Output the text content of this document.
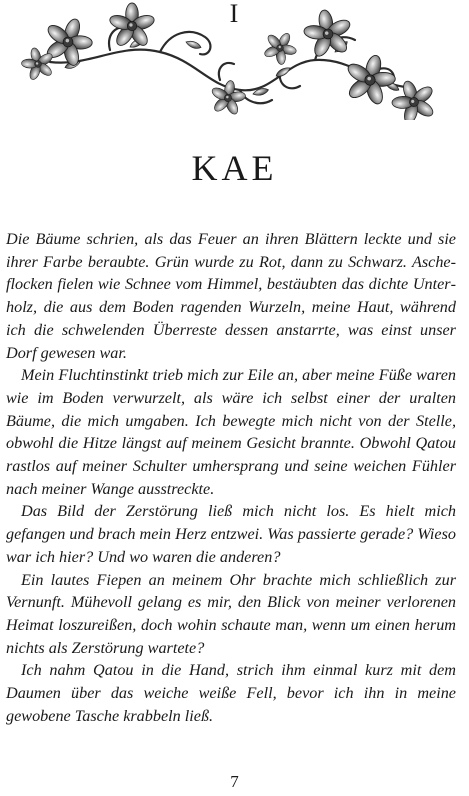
I
KAE

Die Bäume schrien, als das Feuer an ihren Blättern leckte und sie ihrer Farbe beraubte. Grün wurde zu Rot, dann zu Schwarz. Ascheflocken fielen wie Schnee vom Himmel, bestäubten das dichte Unterholz, die aus dem Boden ragenden Wurzeln, meine Haut, während ich die schwelenden Überreste dessen anstarrte, was einst unser Dorf gewesen war.

Mein Fluchtinstinkt trieb mich zur Eile an, aber meine Füße waren wie im Boden verwurzelt, als wäre ich selbst einer der uralten Bäume, die mich umgaben. Ich bewegte mich nicht von der Stelle, obwohl die Hitze längst auf meinem Gesicht brannte. Obwohl Qatou rastlos auf meiner Schulter umhersprang und seine weichen Fühler nach meiner Wange ausstreckte.

Das Bild der Zerstörung ließ mich nicht los. Es hielt mich gefangen und brach mein Herz entzwei. Was passierte gerade? Wieso war ich hier? Und wo waren die anderen?

Ein lautes Fiepen an meinem Ohr brachte mich schließlich zur Vernunft. Mühevoll gelang es mir, den Blick von meiner verlorenen Heimat loszureißen, doch wohin schaute man, wenn um einen herum nichts als Zerstörung wartete?

Ich nahm Qatou in die Hand, strich ihm einmal kurz mit dem Daumen über das weiche weiße Fell, bevor ich ihn in meine gewobene Tasche krabbeln ließ.

7
